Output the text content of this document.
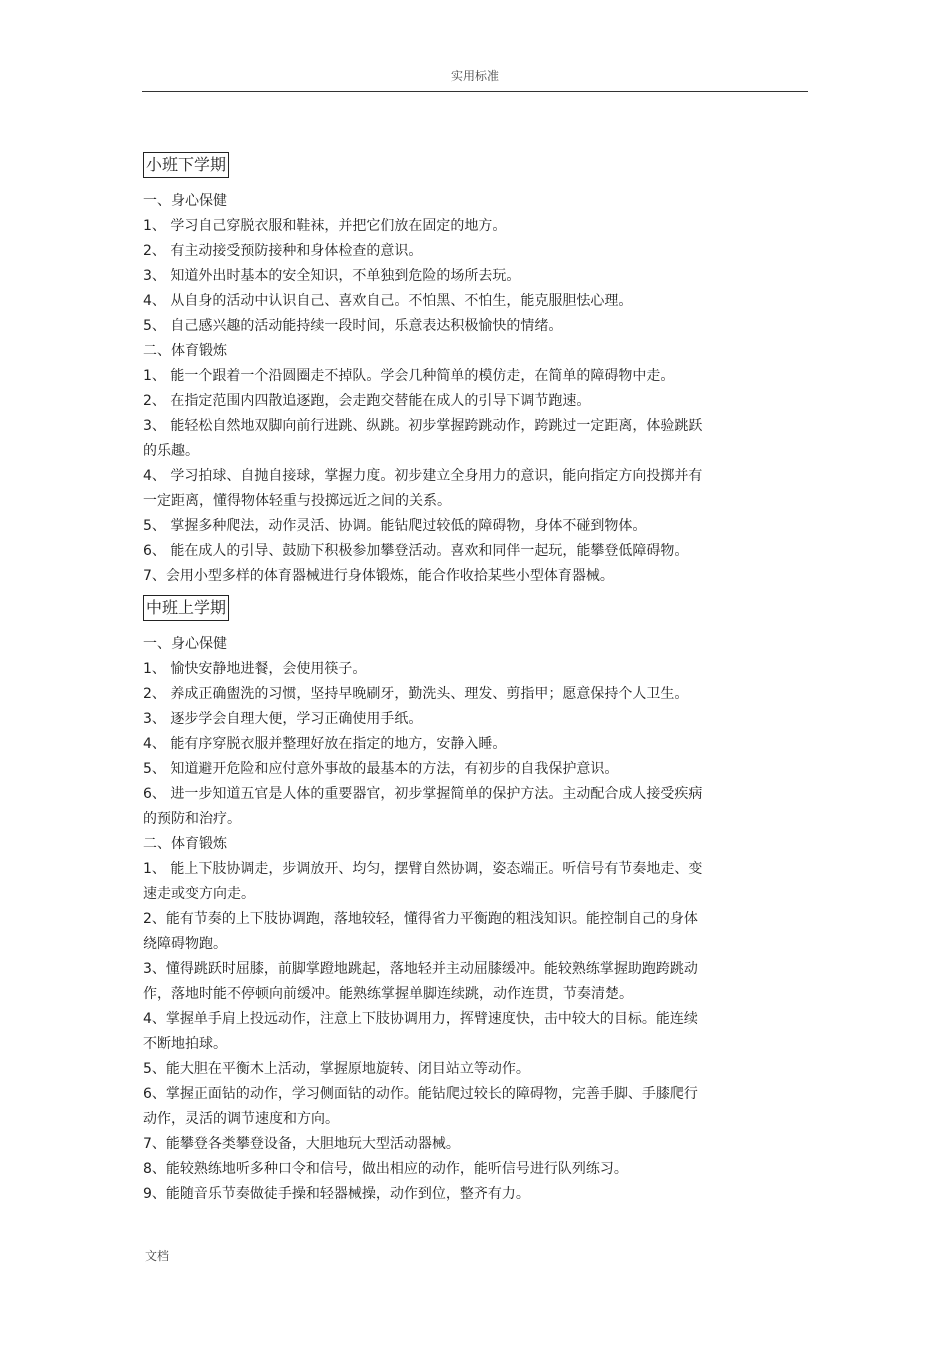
实用标准
小班下学期
一、身心保健
1、 学习自己穿脱衣服和鞋袜，并把它们放在固定的地方。
2、 有主动接受预防接种和身体检查的意识。
3、 知道外出时基本的安全知识，不单独到危险的场所去玩。
4、 从自身的活动中认识自己、喜欢自己。不怕黑、不怕生，能克服胆怯心理。
5、 自己感兴趣的活动能持续一段时间，乐意表达积极愉快的情绪。
二、体育锻炼
1、 能一个跟着一个沿圆圈走不掉队。学会几种简单的模仿走，在简单的障碍物中走。
2、 在指定范围内四散追逐跑，会走跑交替能在成人的引导下调节跑速。
3、 能轻松自然地双脚向前行进跳、纵跳。初步掌握跨跳动作，跨跳过一定距离，体验跳跃
的乐趣。
4、 学习拍球、自抛自接球，掌握力度。初步建立全身用力的意识，能向指定方向投掷并有
一定距离，懂得物体轻重与投掷远近之间的关系。
5、 掌握多种爬法，动作灵活、协调。能钻爬过较低的障碍物，身体不碰到物体。
6、 能在成人的引导、鼓励下积极参加攀登活动。喜欢和同伴一起玩，能攀登低障碍物。
7、会用小型多样的体育器械进行身体锻炼，能合作收拾某些小型体育器械。
中班上学期
一、身心保健
1、 愉快安静地进餐，会使用筷子。
2、 养成正确盥洗的习惯，坚持早晚刷牙，勤洗头、理发、剪指甲；愿意保持个人卫生。
3、 逐步学会自理大便，学习正确使用手纸。
4、 能有序穿脱衣服并整理好放在指定的地方，安静入睡。
5、 知道避开危险和应付意外事故的最基本的方法，有初步的自我保护意识。
6、 进一步知道五官是人体的重要器官，初步掌握简单的保护方法。主动配合成人接受疾病
的预防和治疗。
二、体育锻炼
1、 能上下肢协调走，步调放开、均匀，摆臂自然协调，姿态端正。听信号有节奏地走、变
速走或变方向走。
2、能有节奏的上下肢协调跑，落地较轻，懂得省力平衡跑的粗浅知识。能控制自己的身体
绕障碍物跑。
3、懂得跳跃时屈膝，前脚掌蹬地跳起，落地轻并主动屈膝缓冲。能较熟练掌握助跑跨跳动
作，落地时能不停顿向前缓冲。能熟练掌握单脚连续跳，动作连贯，节奏清楚。
4、掌握单手肩上投远动作，注意上下肢协调用力，挥臂速度快，击中较大的目标。能连续
不断地拍球。
5、能大胆在平衡木上活动，掌握原地旋转、闭目站立等动作。
6、掌握正面钻的动作，学习侧面钻的动作。能钻爬过较长的障碍物，完善手脚、手膝爬行
动作，灵活的调节速度和方向。
7、能攀登各类攀登设备，大胆地玩大型活动器械。
8、能较熟练地听多种口令和信号，做出相应的动作，能听信号进行队列练习。
9、能随音乐节奏做徒手操和轻器械操，动作到位，整齐有力。
文档
